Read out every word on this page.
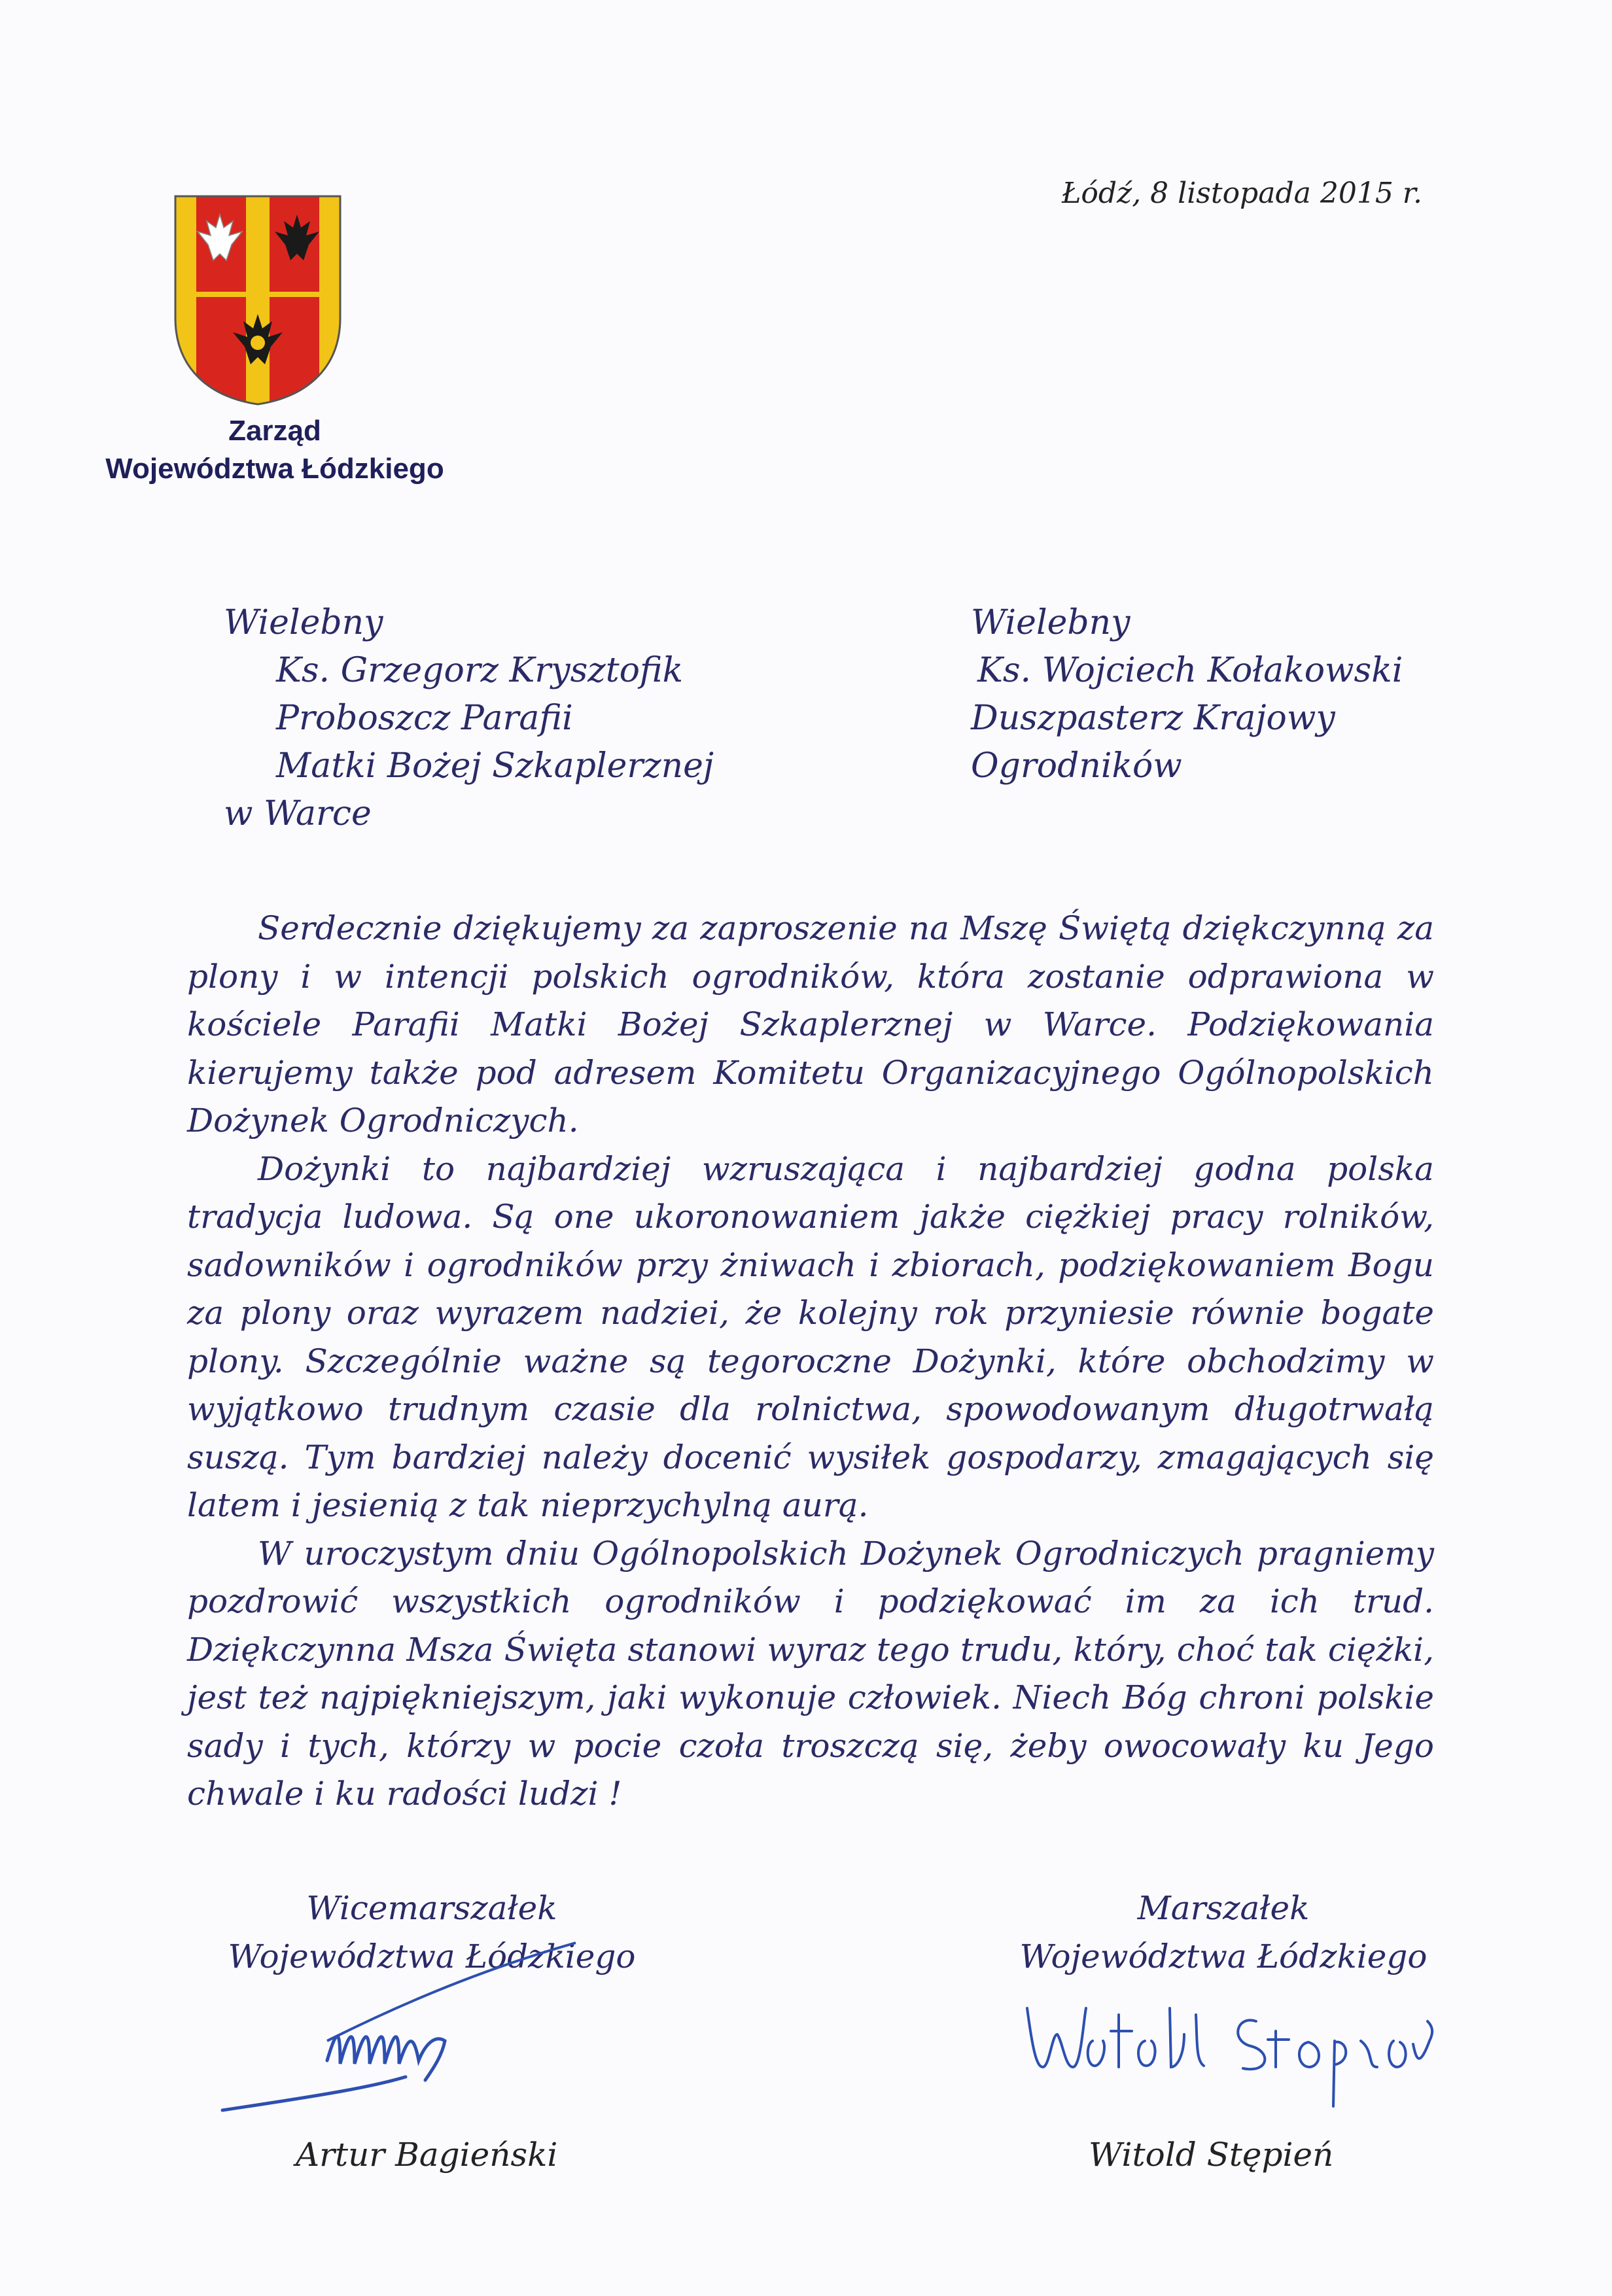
Zarząd
Województwa Łódzkiego
Łódź, 8 listopada 2015 r.
Wielebny
Ks. Grzegorz Krysztofik
Proboszcz Parafii
Matki Bożej Szkaplerznej
w Warce
Wielebny
Ks. Wojciech Kołakowski
Duszpasterz Krajowy
Ogrodników

Serdecznie dziękujemy za zaproszenie na Mszę Świętą dziękczynną za plony i w intencji polskich ogrodników, która zostanie odprawiona w kościele Parafii Matki Bożej Szkaplerznej w Warce. Podziękowania kierujemy także pod adresem Komitetu Organizacyjnego Ogólnopolskich Dożynek Ogrodniczych.

Dożynki to najbardziej wzruszająca i najbardziej godna polska tradycja ludowa. Są one ukoronowaniem jakże ciężkiej pracy rolników, sadowników i ogrodników przy żniwach i zbiorach, podziękowaniem Bogu za plony oraz wyrazem nadziei, że kolejny rok przyniesie równie bogate plony. Szczególnie ważne są tegoroczne Dożynki, które obchodzimy w wyjątkowo trudnym czasie dla rolnictwa, spowodowanym długotrwałą suszą. Tym bardziej należy docenić wysiłek gospodarzy, zmagających się latem i jesienią z tak nieprzychylną aurą.

W uroczystym dniu Ogólnopolskich Dożynek Ogrodniczych pragniemy pozdrowić wszystkich ogrodników i podziękować im za ich trud. Dziękczynna Msza Święta stanowi wyraz tego trudu, który, choć tak ciężki, jest też najpiękniejszym, jaki wykonuje człowiek. Niech Bóg chroni polskie sady i tych, którzy w pocie czoła troszczą się, żeby owocowały ku Jego chwale i ku radości ludzi !

Wicemarszałek
Województwa Łódzkiego
Marszałek
Województwa Łódzkiego
Artur Bagieński	Witold Stępień
